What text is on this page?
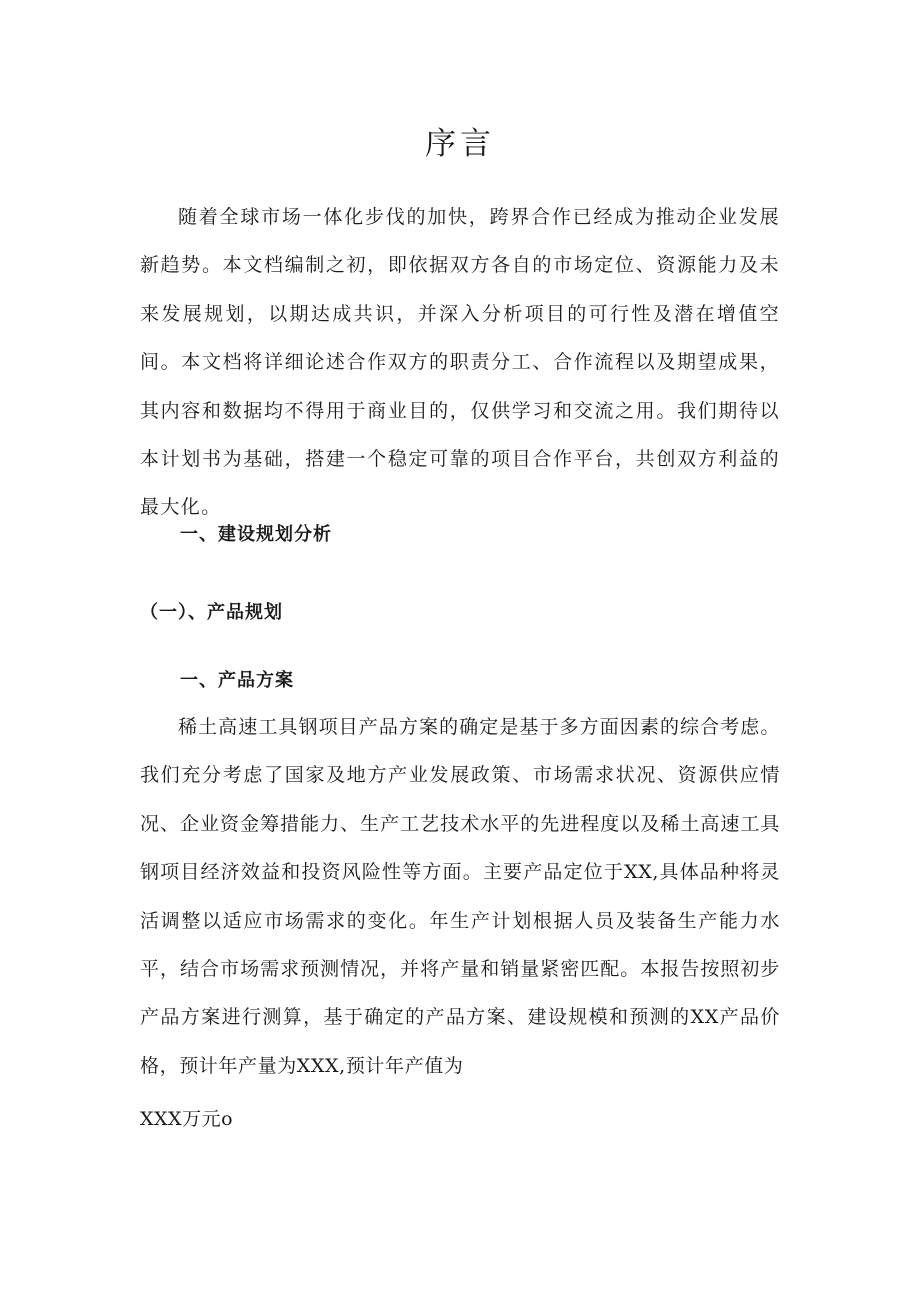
序言

随着全球市场一体化步伐的加快，跨界合作已经成为推动企业发展新趋势。本文档编制之初，即依据双方各自的市场定位、资源能力及未来发展规划，以期达成共识，并深入分析项目的可行性及潜在增值空间。本文档将详细论述合作双方的职责分工、合作流程以及期望成果，其内容和数据均不得用于商业目的，仅供学习和交流之用。我们期待以本计划书为基础，搭建一个稳定可靠的项目合作平台，共创双方利益的最大化。

一、建设规划分析
（一）、产品规划
一、产品方案

稀土高速工具钢项目产品方案的确定是基于多方面因素的综合考虑。我们充分考虑了国家及地方产业发展政策、市场需求状况、资源供应情况、企业资金筹措能力、生产工艺技术水平的先进程度以及稀土高速工具钢项目经济效益和投资风险性等方面。主要产品定位于XX,具体品种将灵活调整以适应市场需求的变化。年生产计划根据人员及装备生产能力水平，结合市场需求预测情况，并将产量和销量紧密匹配。本报告按照初步产品方案进行测算，基于确定的产品方案、建设规模和预测的XX产品价格，预计年产量为XXX,预计年产值为

XXX万元o
